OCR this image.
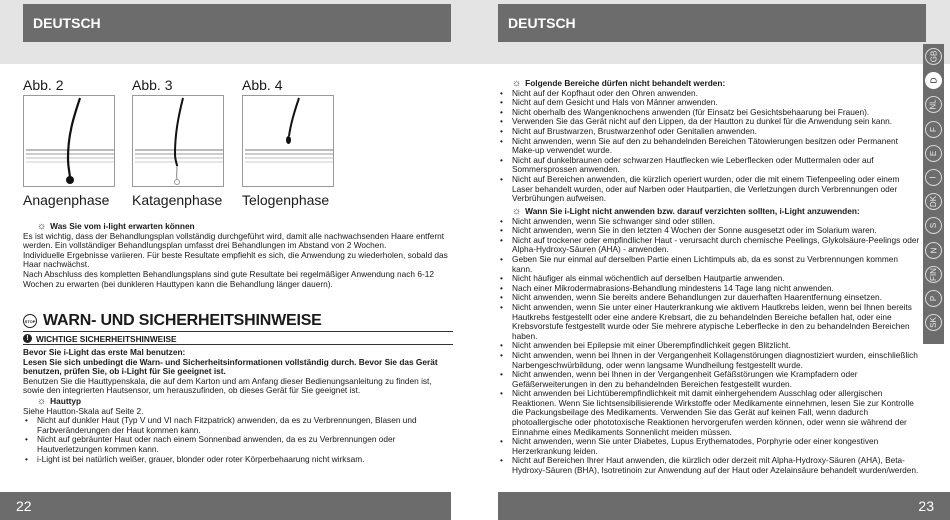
DEUTSCH
Abb. 2
Anagenphase
Abb. 3
Katagenphase
Abb. 4
Telogenphase

☼ Was Sie vom i-light erwarten können

Es ist wichtig, dass der Behandlungsplan vollständig durchgeführt wird, damit alle nachwachsenden Haare entfernt werden. Ein vollständiger Behandlungsplan umfasst drei Behandlungen im Abstand von 2 Wochen.

Individuelle Ergebnisse variieren. Für beste Resultate empfiehlt es sich, die Anwendung zu wiederholen, sobald das Haar nachwächst.

Nach Abschluss des kompletten Behandlungsplans sind gute Resultate bei regelmäßiger Anwendung nach 6-12 Wochen zu erwarten (bei dunkleren Hauttypen kann die Behandlung länger dauern).

STOP WARN- UND SICHERHEITSHINWEISE
! WICHTIGE SICHERHEITSHINWEISE

Bevor Sie i-Light das erste Mal benutzen:

Lesen Sie sich unbedingt die Warn- und Sicherheitsinformationen vollständig durch. Bevor Sie das Gerät benutzen, prüfen Sie, ob i-Light für Sie geeignet ist.

Benutzen Sie die Hauttypenskala, die auf dem Karton und am Anfang dieser Bedienungsanleitung zu finden ist, sowie den integrierten Hautsensor, um herauszufinden, ob dieses Gerät für Sie geeignet ist.

☼ Hauttyp

Siehe Hautton-Skala auf Seite 2.

• Nicht auf dunkler Haut (Typ V und VI nach Fitzpatrick) anwenden, da es zu Verbrennungen, Blasen und Farbveränderungen der Haut kommen kann.
• Nicht auf gebräunter Haut oder nach einem Sonnenbad anwenden, da es zu Verbrennungen oder Hautverletzungen kommen kann.
• i-Light ist bei natürlich weißer, grauer, blonder oder roter Körperbehaarung nicht wirksam.
22
DEUTSCH

☼ Folgende Bereiche dürfen nicht behandelt werden:

• Nicht auf der Kopfhaut oder den Ohren anwenden.
• Nicht auf dem Gesicht und Hals von Männer anwenden.
• Nicht oberhalb des Wangenknochens anwenden (für Einsatz bei Gesichtsbehaarung bei Frauen).
• Verwenden Sie das Gerät nicht auf den Lippen, da der Hautton zu dunkel für die Anwendung sein kann.
• Nicht auf Brustwarzen, Brustwarzenhof oder Genitalien anwenden.
• Nicht anwenden, wenn Sie auf den zu behandelnden Bereichen Tätowierungen besitzen oder Permanent Make-up verwendet wurde.
• Nicht auf dunkelbraunen oder schwarzen Hautflecken wie Leberflecken oder Muttermalen oder auf Sommersprossen anwenden.
• Nicht auf Bereichen anwenden, die kürzlich operiert wurden, oder die mit einem Tiefenpeeling oder einem Laser behandelt wurden, oder auf Narben oder Hautpartien, die Verletzungen durch Verbrennungen oder Verbrühungen aufweisen.

☼ Wann Sie i-Light nicht anwenden bzw. darauf verzichten sollten, i-Light anzuwenden:

• Nicht anwenden, wenn Sie schwanger sind oder stillen.
• Nicht anwenden, wenn Sie in den letzten 4 Wochen der Sonne ausgesetzt oder im Solarium waren.
• Nicht auf trockener oder empfindlicher Haut - verursacht durch chemische Peelings, Glykolsäure-Peelings oder Alpha-Hydroxy-Säuren (AHA) - anwenden.
• Geben Sie nur einmal auf derselben Partie einen Lichtimpuls ab, da es sonst zu Verbrennungen kommen kann.
• Nicht häufiger als einmal wöchentlich auf derselben Hautpartie anwenden.
• Nach einer Mikrodermabrasions-Behandlung mindestens 14 Tage lang nicht anwenden.
• Nicht anwenden, wenn Sie bereits andere Behandlungen zur dauerhaften Haarentfernung einsetzen.
• Nicht anwenden, wenn Sie unter einer Hauterkrankung wie aktivem Hautkrebs leiden, wenn bei Ihnen bereits Hautkrebs festgestellt oder eine andere Krebsart, die zu behandelnden Bereiche befallen hat, oder eine Krebsvorstufe festgestellt wurde oder Sie mehrere atypische Leberflecke in den zu behandelnden Bereichen haben.
• Nicht anwenden bei Epilepsie mit einer Überempfindlichkeit gegen Blitzlicht.
• Nicht anwenden, wenn bei Ihnen in der Vergangenheit Kollagenstörungen diagnostiziert wurden, einschließlich Narbengeschwürbildung, oder wenn langsame Wundheilung festgestellt wurde.
• Nicht anwenden, wenn bei Ihnen in der Vergangenheit Gefäßstörungen wie Krampfadern oder Gefäßerweiterungen in den zu behandelnden Bereichen festgestellt wurden.
• Nicht anwenden bei Lichtüberempfindlichkeit mit damit einhergehendem Ausschlag oder allergischen Reaktionen. Wenn Sie lichtsensibilisierende Wirkstoffe oder Medikamente einnehmen, lesen Sie zur Kontrolle die Packungsbeilage des Medikaments. Verwenden Sie das Gerät auf keinen Fall, wenn dadurch photoallergische oder phototoxische Reaktionen hervorgerufen werden können, oder wenn sie während der Einnahme eines Medikaments Sonnenlicht meiden müssen.
• Nicht anwenden, wenn Sie unter Diabetes, Lupus Erythematodes, Porphyrie oder einer kongestiven Herzerkrankung leiden.
• Nicht auf Bereichen Ihrer Haut anwenden, die kürzlich oder derzeit mit Alpha-Hydroxy-Säuren (AHA), Beta-Hydroxy-Säuren (BHA), Isotretinoin zur Anwendung auf der Haut oder Azelainsäure behandelt wurden/werden.
23
GB
D
NL
F
E
I
DK
S
N
FIN
P
SK
